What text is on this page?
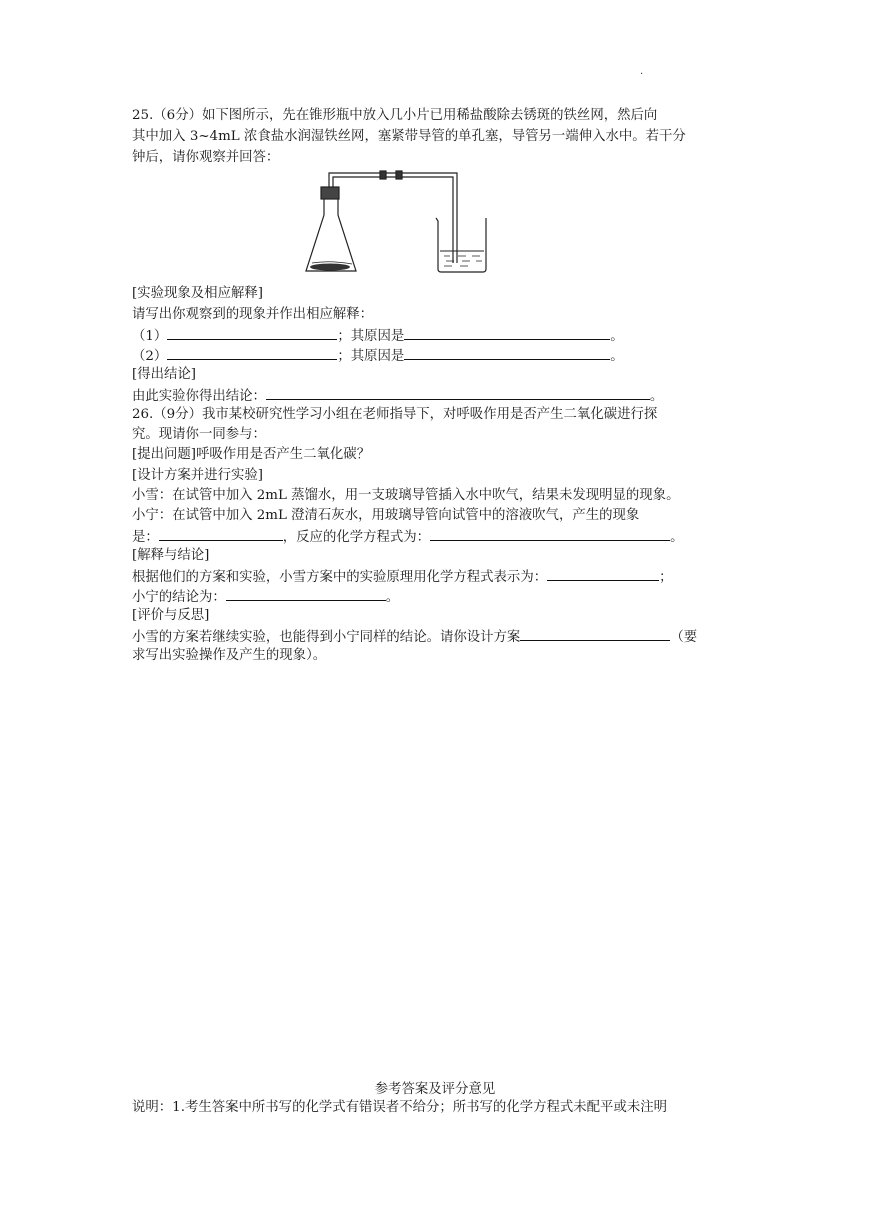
.
25.（6分）如下图所示，先在锥形瓶中放入几小片已用稀盐酸除去锈斑的铁丝网，然后向
其中加入 3~4mL 浓食盐水润湿铁丝网，塞紧带导管的单孔塞，导管另一端伸入水中。若干分
钟后，请你观察并回答：
[实验现象及相应解释]
请写出你观察到的现象并作出相应解释：
（1）	；其原因是	。
（2）	；其原因是	。
[得出结论]
由此实验你得出结论：	。
26.（9分）我市某校研究性学习小组在老师指导下，对呼吸作用是否产生二氧化碳进行探
究。现请你一同参与：
[提出问题]呼吸作用是否产生二氧化碳？
[设计方案并进行实验]
小雪：在试管中加入 2mL 蒸馏水，用一支玻璃导管插入水中吹气，结果未发现明显的现象。
小宁：在试管中加入 2mL 澄清石灰水，用玻璃导管向试管中的溶液吹气，产生的现象
是：	，反应的化学方程式为：	。
[解释与结论]
根据他们的方案和实验，小雪方案中的实验原理用化学方程式表示为：	；
小宁的结论为：	。
[评价与反思]
小雪的方案若继续实验，也能得到小宁同样的结论。请你设计方案	（要
求写出实验操作及产生的现象）。
参考答案及评分意见
说明：1.考生答案中所书写的化学式有错误者不给分；所书写的化学方程式未配平或未注明
